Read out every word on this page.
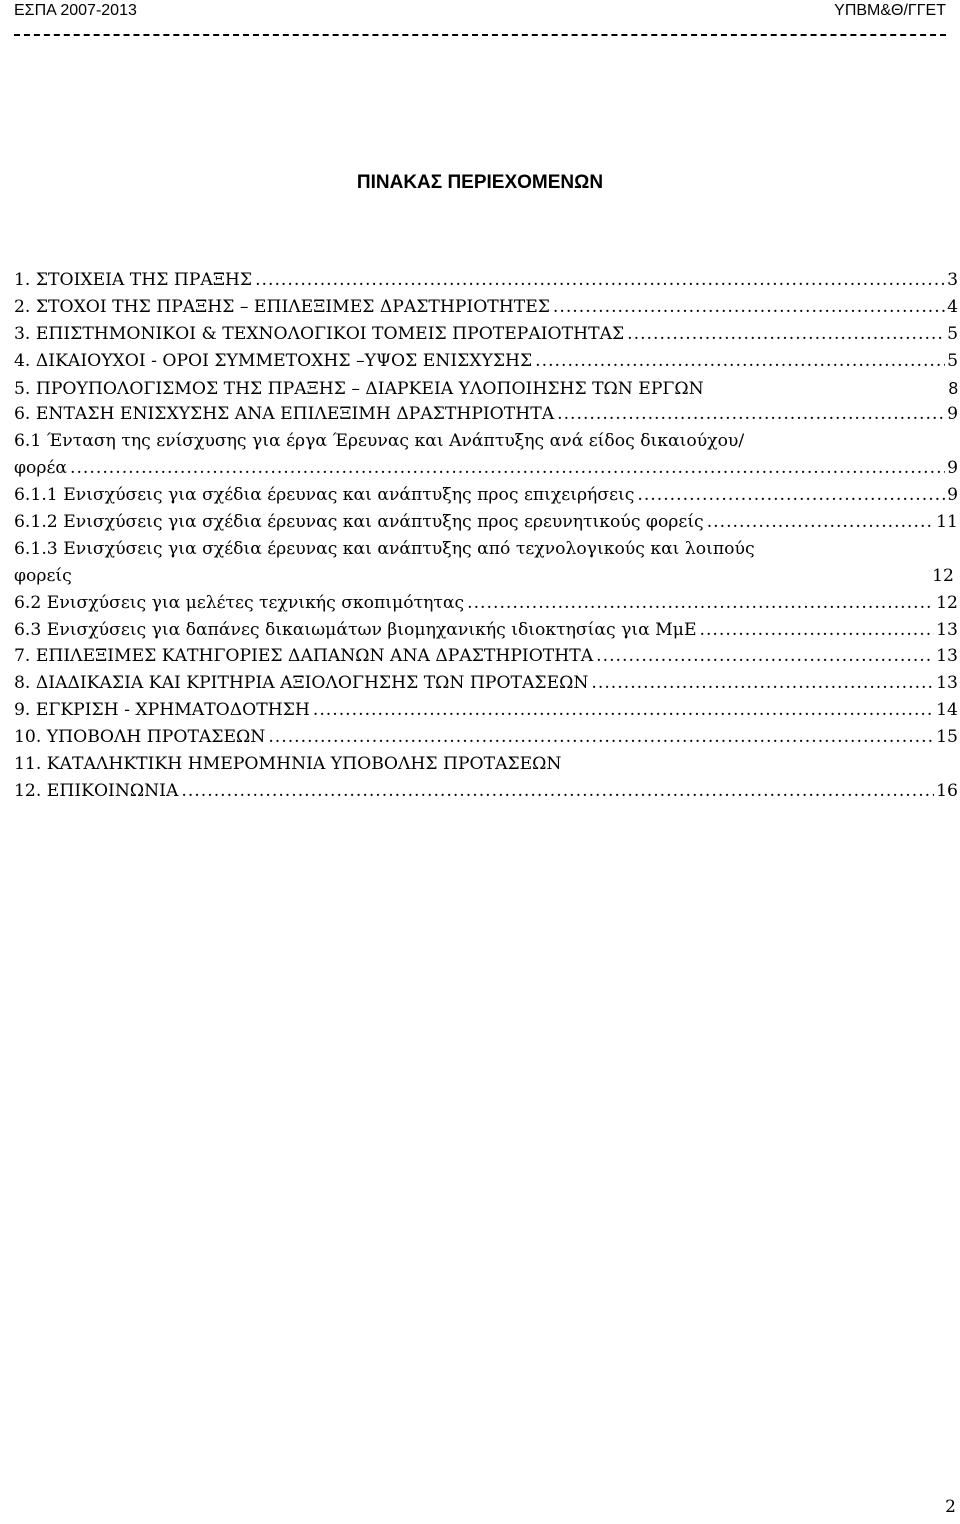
ΕΣΠΑ 2007-2013	ΥΠΒΜ&Θ/ΓΓΕΤ
ΠΙΝΑΚΑΣ ΠΕΡΙΕΧΟΜΕΝΩΝ
1. ΣΤΟΙΧΕΙΑ ΤΗΣ ΠΡΑΞΗΣ .....	3
2. ΣΤΟΧΟΙ ΤΗΣ ΠΡΑΞΗΣ – ΕΠΙΛΕΞΙΜΕΣ ΔΡΑΣΤΗΡΙΟΤΗΤΕΣ .....	4
3. ΕΠΙΣΤΗΜΟΝΙΚΟΙ & ΤΕΧΝΟΛΟΓΙΚΟΙ ΤΟΜΕΙΣ ΠΡΟΤΕΡΑΙΟΤΗΤΑΣ .....	5
4. ΔΙΚΑΙΟΥΧΟΙ - ΟΡΟΙ ΣΥΜΜΕΤΟΧΗΣ –ΥΨΟΣ ΕΝΙΣΧΥΣΗΣ .....	5
5. ΠΡΟΥΠΟΛΟΓΙΣΜΟΣ ΤΗΣ ΠΡΑΞΗΣ – ΔΙΑΡΚΕΙΑ ΥΛΟΠΟΙΗΣΗΣ ΤΩΝ ΕΡΓΩΝ	8
6. ΕΝΤΑΣΗ ΕΝΙΣΧΥΣΗΣ ΑΝΑ ΕΠΙΛΕΞΙΜΗ ΔΡΑΣΤΗΡΙΟΤΗΤΑ .....	9
6.1 Ένταση της ενίσχυσης για έργα Έρευνας και Ανάπτυξης ανά είδος δικαιούχου/
φορέα .....	9
6.1.1 Ενισχύσεις για σχέδια έρευνας και ανάπτυξης προς επιχειρήσεις .....	9
6.1.2 Ενισχύσεις για σχέδια έρευνας και ανάπτυξης προς ερευνητικούς φορείς .....	11
6.1.3 Ενισχύσεις για σχέδια έρευνας και ανάπτυξης από τεχνολογικούς και λοιπούς
φορείς	12
6.2 Ενισχύσεις για μελέτες τεχνικής σκοπιμότητας .....	12
6.3 Ενισχύσεις για δαπάνες δικαιωμάτων βιομηχανικής ιδιοκτησίας για ΜμΕ .....	13
7. ΕΠΙΛΕΞΙΜΕΣ ΚΑΤΗΓΟΡΙΕΣ ΔΑΠΑΝΩΝ ΑΝΑ ΔΡΑΣΤΗΡΙΟΤΗΤΑ .....	13
8. ΔΙΑΔΙΚΑΣΙΑ ΚΑΙ ΚΡΙΤΗΡΙΑ ΑΞΙΟΛΟΓΗΣΗΣ ΤΩΝ ΠΡΟΤΑΣΕΩΝ .....	13
9. ΕΓΚΡΙΣΗ - ΧΡΗΜΑΤΟΔΟΤΗΣΗ .....	14
10. ΥΠΟΒΟΛΗ ΠΡΟΤΑΣΕΩΝ .....	15
11. ΚΑΤΑΛΗΚΤΙΚΗ ΗΜΕΡΟΜΗΝΙΑ ΥΠΟΒΟΛΗΣ ΠΡΟΤΑΣΕΩΝ
12. ΕΠΙΚΟΙΝΩΝΙΑ .....	16
2
